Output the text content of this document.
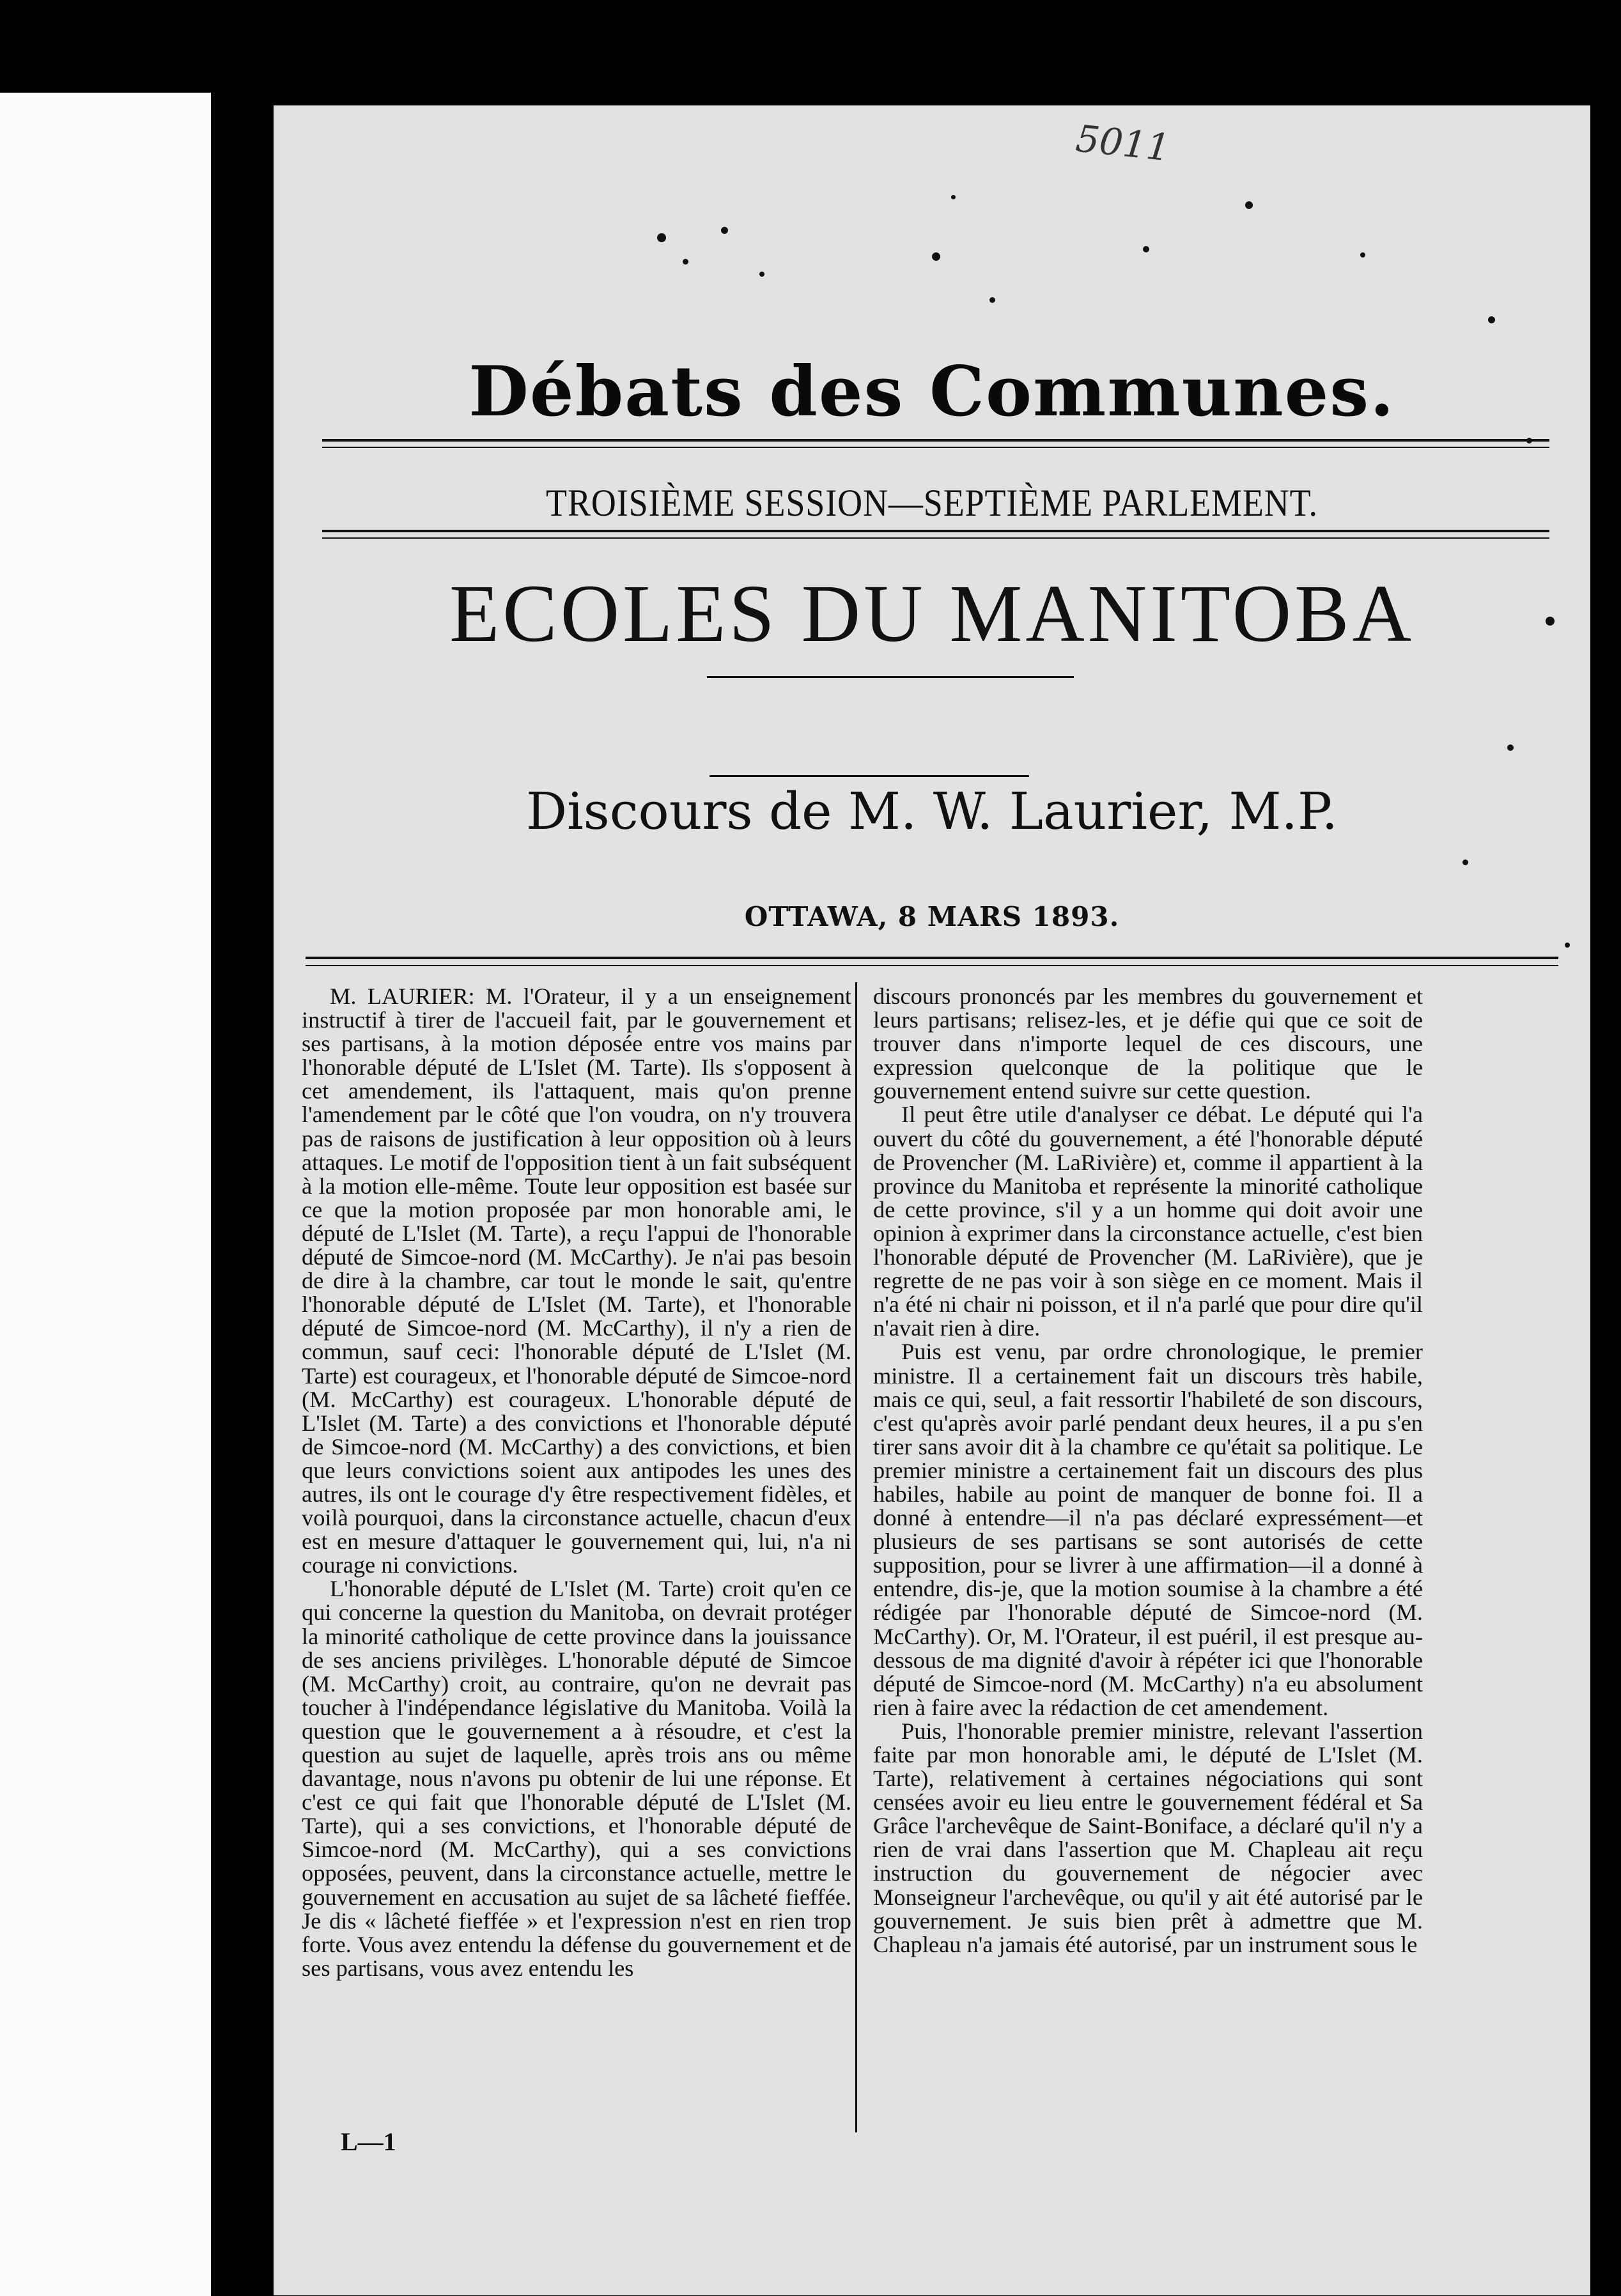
5011
Débats des Communes.
TROISIÈME SESSION—SEPTIÈME PARLEMENT.
ECOLES DU MANITOBA
Discours de M. W. Laurier, M.P.
OTTAWA, 8 MARS 1893.

M. LAURIER: M. l'Orateur, il y a un enseignement instructif à tirer de l'accueil fait, par le gouvernement et ses partisans, à la motion déposée entre vos mains par l'honorable député de L'Islet (M. Tarte). Ils s'opposent à cet amendement, ils l'attaquent, mais qu'on prenne l'amendement par le côté que l'on voudra, on n'y trouvera pas de raisons de justification à leur opposition où à leurs attaques. Le motif de l'opposition tient à un fait subséquent à la motion elle-même. Toute leur opposition est basée sur ce que la motion proposée par mon honorable ami, le député de L'Islet (M. Tarte), a reçu l'appui de l'honorable député de Simcoe-nord (M. McCarthy). Je n'ai pas besoin de dire à la chambre, car tout le monde le sait, qu'entre l'honorable député de L'Islet (M. Tarte), et l'honorable député de Simcoe-nord (M. McCarthy), il n'y a rien de commun, sauf ceci: l'honorable député de L'Islet (M. Tarte) est courageux, et l'honorable député de Simcoe-nord (M. McCarthy) est courageux. L'honorable député de L'Islet (M. Tarte) a des convictions et l'honorable député de Simcoe-nord (M. McCarthy) a des convictions, et bien que leurs convictions soient aux antipodes les unes des autres, ils ont le courage d'y être respectivement fidèles, et voilà pourquoi, dans la circonstance actuelle, chacun d'eux est en mesure d'attaquer le gouvernement qui, lui, n'a ni courage ni convictions.

L'honorable député de L'Islet (M. Tarte) croit qu'en ce qui concerne la question du Manitoba, on devrait protéger la minorité catholique de cette province dans la jouissance de ses anciens privilèges. L'honorable député de Simcoe (M. McCarthy) croit, au contraire, qu'on ne devrait pas toucher à l'indépendance législative du Manitoba. Voilà la question que le gouvernement a à résoudre, et c'est la question au sujet de laquelle, après trois ans ou même davantage, nous n'avons pu obtenir de lui une réponse. Et c'est ce qui fait que l'honorable député de L'Islet (M. Tarte), qui a ses convictions, et l'honorable député de Simcoe-nord (M. McCarthy), qui a ses convictions opposées, peuvent, dans la circonstance actuelle, mettre le gouvernement en accusation au sujet de sa lâcheté fieffée. Je dis « lâcheté fieffée » et l'expression n'est en rien trop forte. Vous avez entendu la défense du gouvernement et de ses partisans, vous avez entendu les

discours prononcés par les membres du gouvernement et leurs partisans; relisez-les, et je défie qui que ce soit de trouver dans n'importe lequel de ces discours, une expression quelconque de la politique que le gouvernement entend suivre sur cette question.

Il peut être utile d'analyser ce débat. Le député qui l'a ouvert du côté du gouvernement, a été l'honorable député de Provencher (M. LaRivière) et, comme il appartient à la province du Manitoba et représente la minorité catholique de cette province, s'il y a un homme qui doit avoir une opinion à exprimer dans la circonstance actuelle, c'est bien l'honorable député de Provencher (M. LaRivière), que je regrette de ne pas voir à son siège en ce moment. Mais il n'a été ni chair ni poisson, et il n'a parlé que pour dire qu'il n'avait rien à dire.

Puis est venu, par ordre chronologique, le premier ministre. Il a certainement fait un discours très habile, mais ce qui, seul, a fait ressortir l'habileté de son discours, c'est qu'après avoir parlé pendant deux heures, il a pu s'en tirer sans avoir dit à la chambre ce qu'était sa politique. Le premier ministre a certainement fait un discours des plus habiles, habile au point de manquer de bonne foi. Il a donné à entendre—il n'a pas déclaré expressément—et plusieurs de ses partisans se sont autorisés de cette supposition, pour se livrer à une affirmation—il a donné à entendre, dis-je, que la motion soumise à la chambre a été rédigée par l'honorable député de Simcoe-nord (M. McCarthy). Or, M. l'Orateur, il est puéril, il est presque au-dessous de ma dignité d'avoir à répéter ici que l'honorable député de Simcoe-nord (M. McCarthy) n'a eu absolument rien à faire avec la rédaction de cet amendement.

Puis, l'honorable premier ministre, relevant l'assertion faite par mon honorable ami, le député de L'Islet (M. Tarte), relativement à certaines négociations qui sont censées avoir eu lieu entre le gouvernement fédéral et Sa Grâce l'archevêque de Saint-Boniface, a déclaré qu'il n'y a rien de vrai dans l'assertion que M. Chapleau ait reçu instruction du gouvernement de négocier avec Monseigneur l'archevêque, ou qu'il y ait été autorisé par le gouvernement. Je suis bien prêt à admettre que M. Chapleau n'a jamais été autorisé, par un instrument sous le

L—1
